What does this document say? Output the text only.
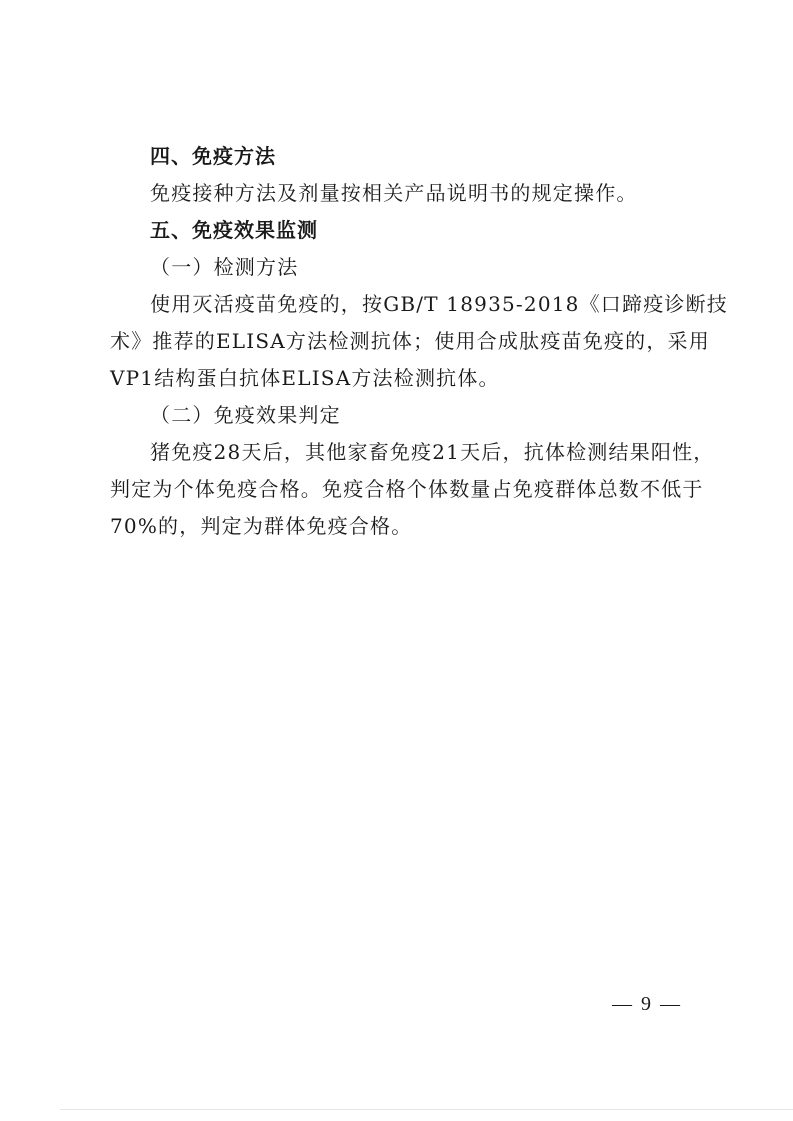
四、免疫方法
免疫接种方法及剂量按相关产品说明书的规定操作。
五、免疫效果监测
（一）检测方法
使用灭活疫苗免疫的，按GB/T 18935-2018《口蹄疫诊断技
术》推荐的ELISA方法检测抗体；使用合成肽疫苗免疫的，采用
VP1结构蛋白抗体ELISA方法检测抗体。
（二）免疫效果判定
猪免疫28天后，其他家畜免疫21天后，抗体检测结果阳性，
判定为个体免疫合格。免疫合格个体数量占免疫群体总数不低于
70%的，判定为群体免疫合格。
— 9 —
